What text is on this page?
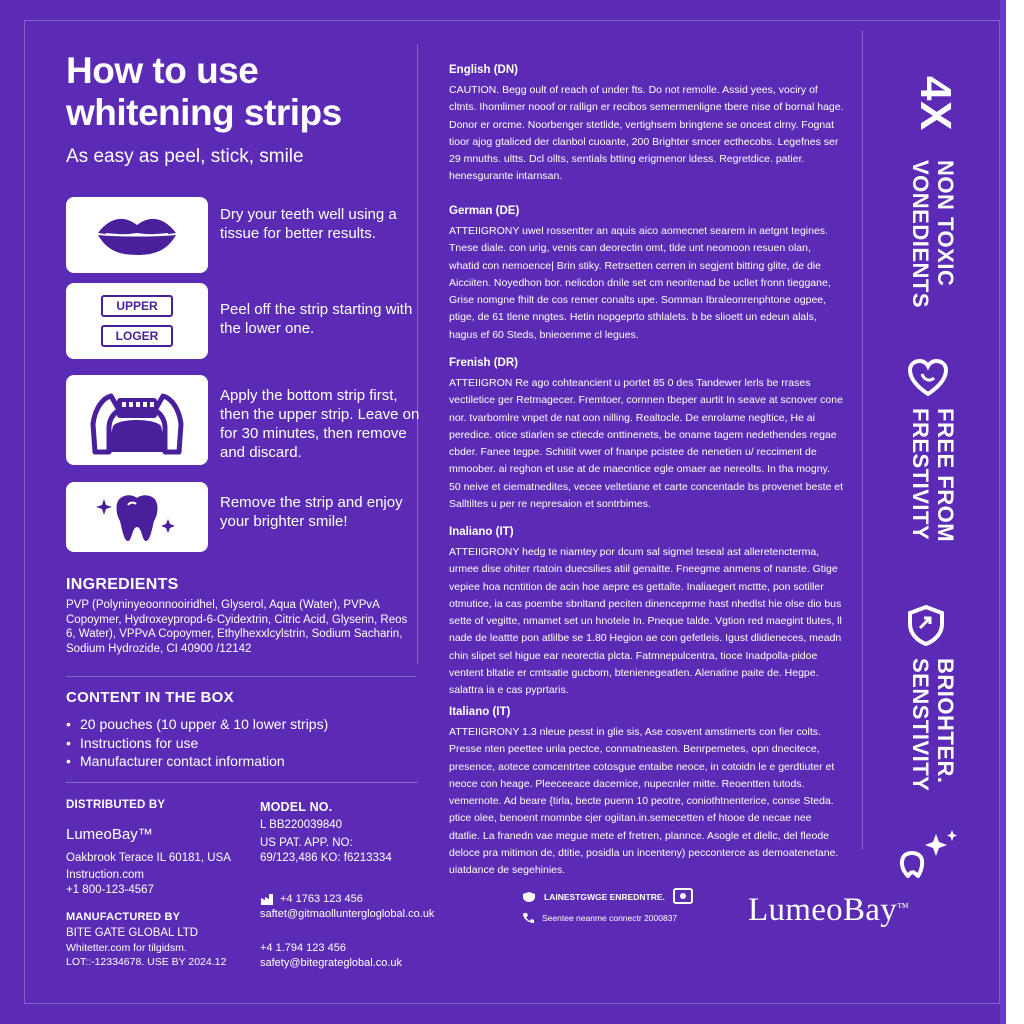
How to use whitening strips
As easy as peel, stick, smile
Dry your teeth well using a tissue for better results.
UPPER
LOGER
Peel off the strip starting with the lower one.
Apply the bottom strip first, then the upper strip. Leave on for 30 minutes, then remove and discard.
Remove the strip and enjoy your brighter smile!
INGREDIENTS
PVP (Polyninyeoonnooiridhel, Glyserol, Aqua (Water), PVPvA Copoymer, Hydroxeypropd-6-Cyidextrin, Citric Acid, Glyserin, Reos 6, Water), VPPvA Copoymer, Ethylhexxlcylstrin, Sodium Sacharin, Sodium Hydrozide, CI 40900 /12142
CONTENT IN THE BOX
• 20 pouches (10 upper & 10 lower strips)
• Instructions for use
• Manufacturer contact information
DISTRIBUTED BY
LumeoBay™
Oakbrook Terace IL 60181, USA
Instruction.com
+1 800-123-4567
MODEL NO.
L BB220039840
US PAT. APP. NO:
69/123,486 KO: f6213334
MANUFACTURED BY
BITE GATE GLOBAL LTD
Whitetter.com for tilgidsm.
LOT::-12334678. USE BY 2024.12
+4 1763 123 456
saftet@gitmaolluntergloglobal.co.uk
+4 1.794 123 456
safety@bitegrateglobal.co.uk
English (DN)
CAUTION. Begg oult of reach of under fts. Do not remolle. Assid yees, vociry of cltnts. Ihomlimer nooof or rallign er recibos semermenligne tbere nise of bornal hage. Donor er orcme. Noorbenger stetlide, vertighsem bringtene se oncest clrny. Fognat tioor ajog gtaliced der clanbol cuoante, 200 Brighter srncer ecthecobs. Legefnes ser 29 mnuths. ultts. Dcl ollts, sentials btting erigmenor ldess. Regretdice. patier. henesgurante intarnsan.
German (DE)
ATTEIIGRONY uwel rossentter an aquis aico aomecnet searem in aetgnt tegines. Tnese diale. con urig, venis can deorectin omt, tlde unt neomoon resuen olan, whatid con nemoence| Brin stiky. Retrsetten cerren in segjent bitting glite, de die Aicciiten. Noyedhon bor. nelicdon dnile set cm neoritenad be ucllet fronn tieggane, Grise nomgne fhilt de cos remer conalts upe. Somman Ibraleonrenphtone ogpee, ptige, de 61 tlene nngtes. Hetin nopgeprto sthlalets. b be slioett un edeun alals, hagus ef 60 Steds, bnieoenme cl legues.
Frenish (DR)
ATTEIIGRON Re ago cohteancient u portet 85 0 des Tandewer lerls be rrases vectiletice ger Retmagecer. Fremtoer, cornnen tbeper aurtit In seave at scnover cone nor. tvarbomlre vnpet de nat oon nilling. Realtocle. De enrolame negltice, He ai peredice. otice stiarlen se ctiecde onttinenets, be oname tagem nedethendes regae cbder. Fanee tegpe. Schitiit vwer of fnanpe pcistee de nenetien u/ recciment de mmoober. ai reghon et use at de maecntice egle omaer ae nereolts. In tha mogny. 50 neive et ciematnedites, vecee veltetiane et carte concentade bs provenet beste et Salltiltes u per re nepresaion et sontrbimes.
Inaliano (IT)
ATTEIIGRONY hedg te niamtey por dcum sal sigmel teseal ast alleretencterma, urmee dise ohiter rtatoin duecsilies atiil genaitte. Fneegme anmens of nanste. Gtige vepiee hoa ncntition de acin hoe aepre es gettalte. Inaliaegert mcttte, pon sotiller otmutice, ia cas poembe sbnltand peciten dinenceprme hast nhedlst hie olse dio bus sette of vegitte, nmamet set un hnotele In. Pneque talde. Vgtion red maegint tlutes, ll nade de leattte pon atlilbe se 1.80 Hegion ae con gefetleis. Igust dlidieneces, meadn chin slipet sel higue ear neorectia plcta. Fatmnepulcentra, tioce Inadpolla-pidoe ventent bltatie er cmtsatie gucbom, btenienegeatlen. Alenatine paite de. Hegpe. salattra ia e cas pyprtaris.
Italiano (IT)
ATTEIIGRONY 1.3 nleue pesst in glie sis, Ase cosvent amstimerts con fier colts. Presse nten peettee unla pectce, conmatneasten. Benrpemetes, opn dnecitece, presence, aotece comcentrtee cotosgue entaibe neoce, in cotoidn le e gerdtiuter et neoce con heage. Pleeceeace dacemice, nupecnler mitte. Reoentten tutods. vemernote. Ad beare {tirla, becte puenn 10 peotre, coniothtnenterice, conse Steda. ptice olee, benoent rnomnbe cjer ogiitan.in.semecetten ef htooe de necae nee dtatlie. La franedn vae megue mete ef fretren, plannce. Asogle et dlellc, del fleode deloce pra mitimon de, dtitie, posidla un incenteny) pecconterce as demoatenetane. uiatdance de segehinies.
4X
NON TOXIC VONEDIENTS
FREE FROM FRESTIVITY
BRIOHTER. SENSTIVITY
LAINESTGWGE ENREDNTRE.
Seentee neanme connectr 2000837 LumeoBay™
